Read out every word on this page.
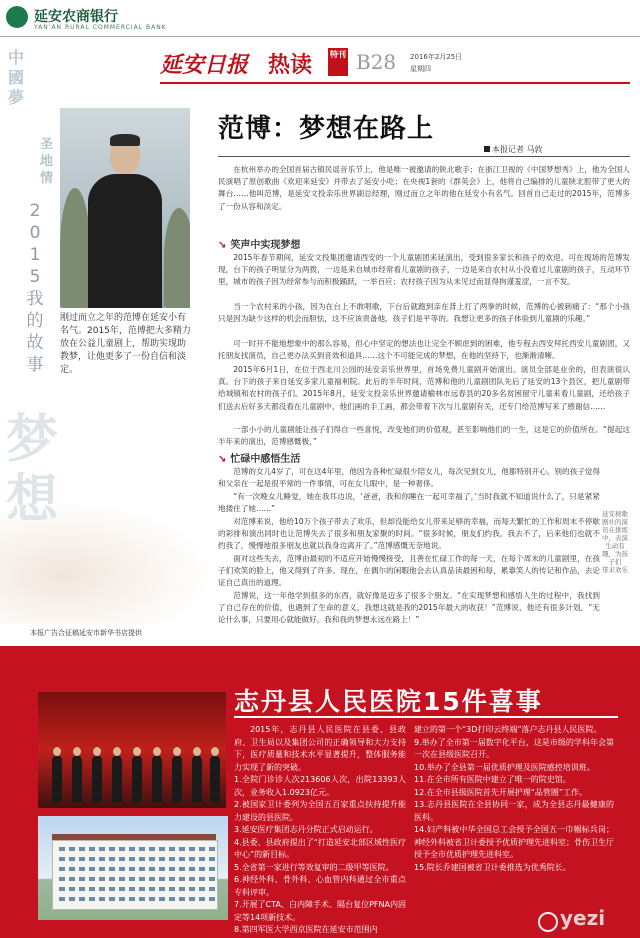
延安农商银行
YAN'AN RURAL COMMERCIAL BANK
中
國
夢
圣
地
情
2
0
1
5
我
的
故
事
梦想
本报广告合征稿延安市新华书店提供
延安日报 热读 特刊 B28 2016年2月25日
星期四
刚过而立之年的范博在延安小有名气。2015年，范博把大多精力放在公益儿童剧上，帮助实现助教梦，让他更多了一份自信和淡定。
范博：梦想在路上
本报记者 马敦

在杭州举办的全国首届古镇民谣音乐节上，他是唯一被邀请的陕北歌手；在浙江卫视的《中国梦想秀》上，他为全国人民演唱了原创歌曲《欢迎来延安》并带去了延安小吃；在央视1套的《群英会》上，他将自己编排的儿童陕北腔带了更大的舞台……他叫范博，是延安文投亲乐世界副总经理，刚过而立之年的他在延安小有名气。回首自己走过的2015年，范博多了一份从容和淡定。

↘ 笑声中实现梦想

2015年春节期间，延安文投集团邀请西安的一个儿童剧团来延演出，受到很多家长和孩子的欢迎。可在现场的范博发现，台下的孩子明显分为两拨，一边是来自城市经常看儿童剧的孩子，一边是来自农村从小没看过儿童剧的孩子，互动环节里，城市的孩子因为经常参与而积极踊跃，一举百应；农村孩子因为从未见过而显得拘谨羞涩，一言不发。

当一个农村来的小孩，因为在台上不敢唱歌，下台后就跑到亲在背上打了两拳的时候，范博的心被刺痛了：“那个小孩只是因为缺少这样的机会而胆怯，这不应该责备他，孩子们是平等的。我想让更多的孩子体验到儿童剧的乐趣。”

可一时开不能地想象中的那么容易，但心中坚定的想法也让完全不顾虑到的困难，他专程去西安拜托西安儿童剧团，又托朋友找演员，自己更办法买到音效和道具……这个不可能完成的梦想，在他的坚持下，也渐渐清晰。

2015年6月1日，在位于西北川公园的延安亲乐世界里，首场免费儿童剧开始演出。演员全部是业余的，但表演很认真。台下的孩子来自延安多家儿童福利院。此后的半年时间，范博和他的儿童剧团队先后了延安的13个县区，把儿童剧带给城镇和农村的孩子们。2015年8月，延安文投亲乐世界邀请榆林市远春县的20多名贫困留守儿童来看儿童剧，还给孩子们送去后好多天都没看在儿童剧中，他们画的手工画，都会带着下次与儿童剧有关，还专门给范博写来了感谢信……

一部小小的儿童剧能让孩子们得自一些喜悦，改变他们的价值观，甚至影响他们的一生，这是它的价值所在。“提起这半年来的演出，范博感慨极，”

↘ 忙碌中感悟生活

范博的女儿4岁了，可在这4年里，他因为各种忙碌很少陪女儿，每次见到女儿，他都特别开心。别的孩子觉得和父亲在一起是很平常的一件事情，可在女儿眼中，是一种奢侈。

“有一次晚女儿睡觉，她在我耳边说，‘爸爸，我和你睡在一起可幸福了，’当时我就不知道说什么了，只是紧紧地搂住了她……”

对范博来说，他给10万个孩子带去了欢乐，但却没能给女儿带来足够的幸福，而每天繁忙的工作和周末不停歇的彩排和演出同时也让范博失去了很多和朋友家聚的时间。“很多时候，朋友们约我，我去不了，后来他们也就不约我了，慢慢地很多朋友也就以我身边离开了。”范博感慨无奈地说。

面对这些失去，范博由最初的不适应开始慢慢接受，且善在忙碌工作的每一天，在每个周末的儿童剧里，在孩子们欢笑的脸上，他又得到了许多。现在，在偶尔的闲暇他会去认真品读最困和每，累靠笑人的传记和作品，去论证自己真出的道理。

范博说，这一年他学到很多的东西，就好像是迈多了很多个朋友。“在实现梦想和感悟人生的过程中，我找到了自己存在的价值，也遇到了生命的意义，我想这就是我的2015年最大的收获！”范博说，他还有很多计划，“无论什么事，只要用心就能做好，我和我的梦想永远在路上！”

延安秧歌剧社的演员在排练中，表演生动有趣，为孩子们
带来欢乐
志丹县人民医院15件喜事

2015年，志丹县人民医院在县委、县政府、卫生局以及集团公司的正确领导和大力支持下，医疗质量和技术水平显著提升，整体服务能力实现了新的突破。

1.全院门诊诊人次213606人次，出院13393人次，业务收入1.0923亿元。

2.被国家卫计委列为全国五百家重点扶持提升能力建设的县医院。

3.延安医疗集团志丹分院正式启动运行。

4.县委、县政府提出了“打造延安北部区域性医疗中心”的新目标。

5.全省第一家进行等效复审的二级甲等医院。

6.神经外科、骨外科、心血管内科通过全市重点专科评审。

7.开展了CTA、白内障手术、隔台复位PFNA内固定等14项新技术。

8.第四军医大学西京医院在延安市范围内

建立的第一个“3D打印云终端”落户志丹县人民医院。

9.举办了全市第一届数字化平台，这是市级的学科年会第一次在县级医院召开。

10.举办了全县第一届优质护理及医院感控培训班。

11.在全市所有医院中建立了唯一的院史馆。

12.在全市县级医院首先开展护理“品管圈”工作。

13.志丹县医院在全县协同一家，成为全县志丹最健康的医科。

14.妇产科被中华全国总工会授予全国五一巾帼标兵岗；神经外科被省卫计委授予优质护理先进科室；骨伤卫生厅授予全市优质护理先进科室。

15.院长乔建国被省卫计委推选为优秀院长。

yezi
